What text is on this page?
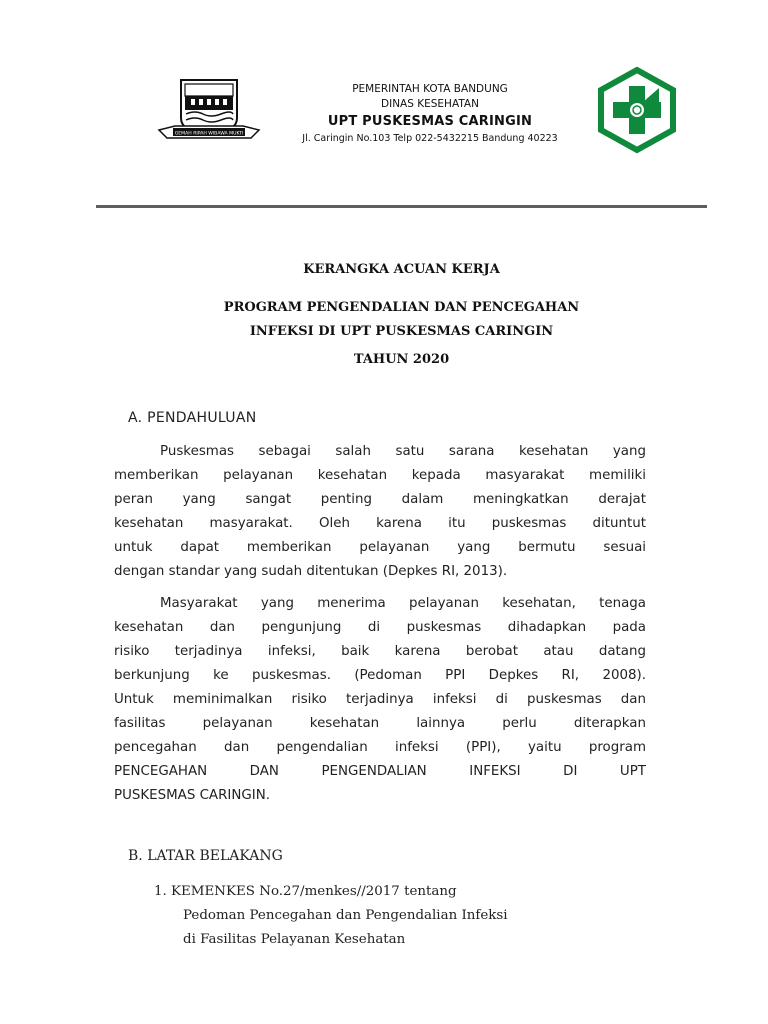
GEMAH RIPAH WIBAWA MUKTI
PEMERINTAH KOTA BANDUNG
DINAS KESEHATAN
UPT PUSKESMAS CARINGIN
Jl. Caringin No.103 Telp 022-5432215 Bandung 40223
KERANGKA ACUAN KERJA
PROGRAM PENGENDALIAN DAN PENCEGAHAN
INFEKSI DI UPT PUSKESMAS CARINGIN
TAHUN 2020
A. PENDAHULUAN
Puskesmas sebagai salah satu sarana kesehatan yang
memberikan pelayanan kesehatan kepada masyarakat memiliki
peran yang sangat penting dalam meningkatkan derajat
kesehatan masyarakat. Oleh karena itu puskesmas dituntut
untuk dapat memberikan pelayanan yang bermutu sesuai
dengan standar yang sudah ditentukan (Depkes RI, 2013).
Masyarakat yang menerima pelayanan kesehatan, tenaga
kesehatan dan pengunjung di puskesmas dihadapkan pada
risiko terjadinya infeksi, baik karena berobat atau datang
berkunjung ke puskesmas. (Pedoman PPI Depkes RI, 2008).
Untuk meminimalkan risiko terjadinya infeksi di puskesmas dan
fasilitas pelayanan kesehatan lainnya perlu diterapkan
pencegahan dan pengendalian infeksi (PPI), yaitu program
PENCEGAHAN DAN PENGENDALIAN INFEKSI DI UPT
PUSKESMAS CARINGIN.
B. LATAR BELAKANG
1. KEMENKES No.27/menkes//2017 tentang
Pedoman Pencegahan dan Pengendalian Infeksi
di Fasilitas Pelayanan Kesehatan
